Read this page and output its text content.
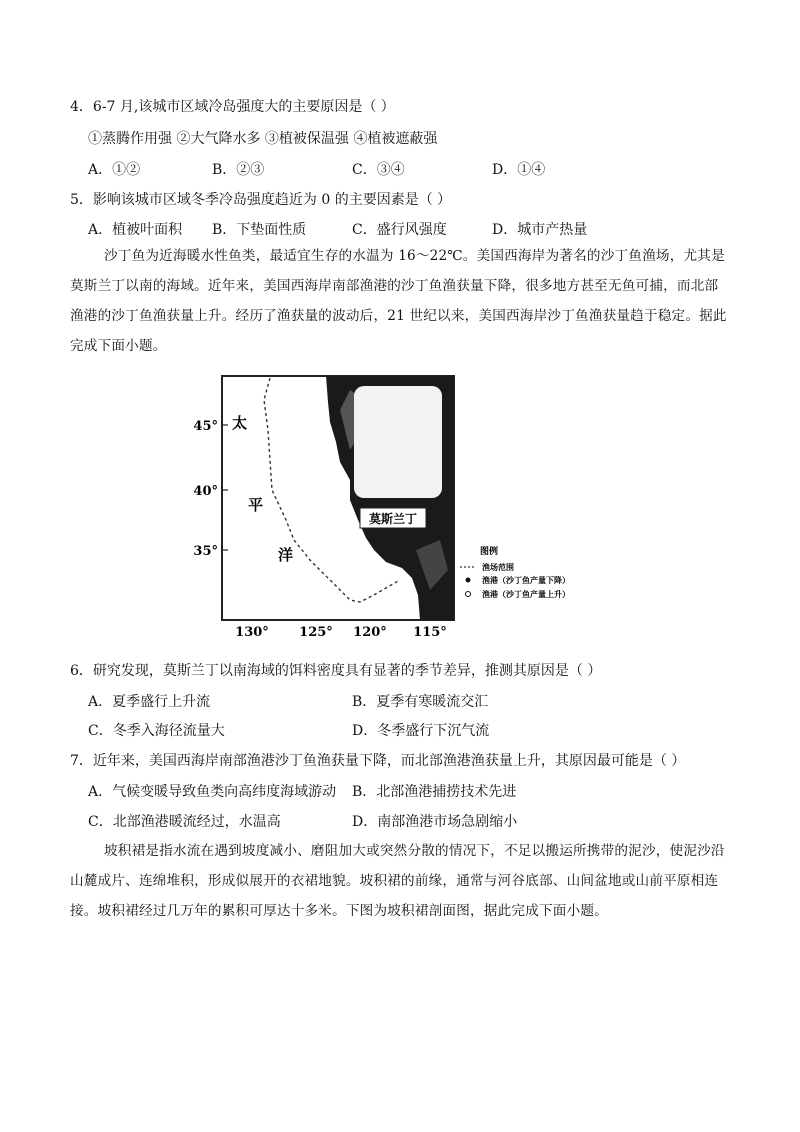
4．6-7 月,该城市区域冷岛强度大的主要原因是（ ）
①蒸腾作用强 ②大气降水多 ③植被保温强 ④植被遮蔽强
A．①②	B．②③	C．③④	D．①④
5．影响该城市区域冬季冷岛强度趋近为 0 的主要因素是（ ）
A．植被叶面积 B．下垫面性质	C．盛行风强度	D．城市产热量
沙丁鱼为近海暖水性鱼类，最适宜生存的水温为 16～22℃。美国西海岸为著名的沙丁鱼渔场，尤其是莫斯兰丁以南的海域。近年来，美国西海岸南部渔港的沙丁鱼渔获量下降，很多地方甚至无鱼可捕，而北部渔港的沙丁鱼渔获量上升。经历了渔获量的波动后，21 世纪以来，美国西海岸沙丁鱼渔获量趋于稳定。据此完成下面小题。
莫斯兰丁
太
平
洋
45°
40°
35°
130° 125° 120° 115°
图例
渔场范围
渔港（沙丁鱼产量下降）
渔港（沙丁鱼产量上升）
6．研究发现，莫斯兰丁以南海域的饵料密度具有显著的季节差异，推测其原因是（ ）
A．夏季盛行上升流	B．夏季有寒暖流交汇
C．冬季入海径流量大	D．冬季盛行下沉气流
7．近年来，美国西海岸南部渔港沙丁鱼渔获量下降，而北部渔港渔获量上升，其原因最可能是（ ）
A．气候变暖导致鱼类向高纬度海域游动 B．北部渔港捕捞技术先进
C．北部渔港暖流经过，水温高	D．南部渔港市场急剧缩小
坡积裙是指水流在遇到坡度减小、磨阻加大或突然分散的情况下，不足以搬运所携带的泥沙，使泥沙沿山麓成片、连绵堆积，形成似展开的衣裙地貌。坡积裙的前缘，通常与河谷底部、山间盆地或山前平原相连接。坡积裙经过几万年的累积可厚达十多米。下图为坡积裙剖面图，据此完成下面小题。
